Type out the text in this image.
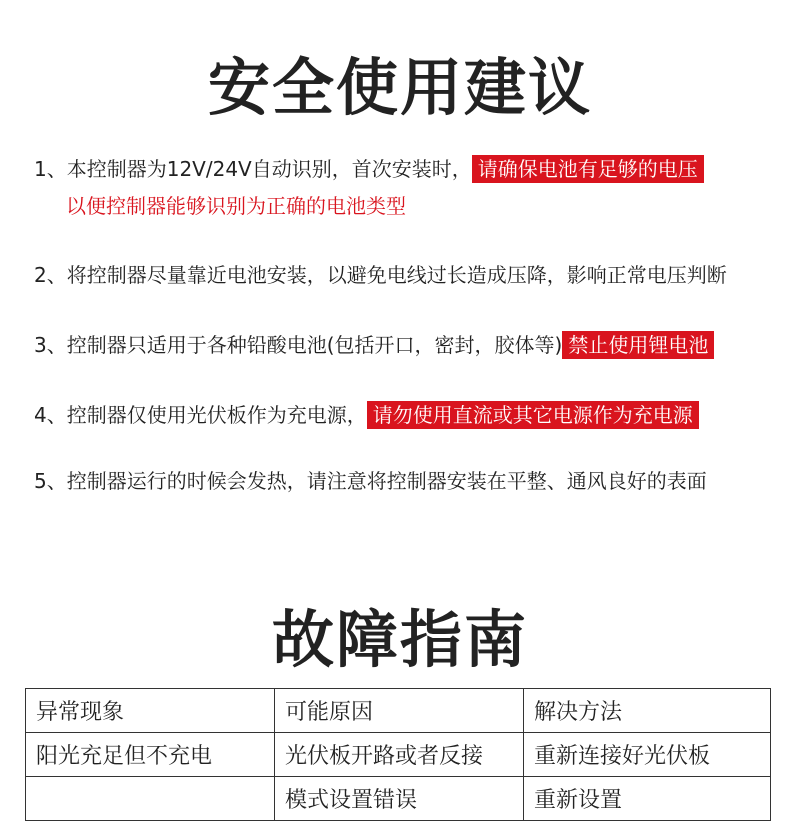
安全使用建议
1、本控制器为12V/24V自动识别，首次安装时， 请确保电池有足够的电压
以便控制器能够识别为正确的电池类型
2、将控制器尽量靠近电池安装，以避免电线过长造成压降，影响正常电压判断
3、控制器只适用于各种铅酸电池(包括开口，密封，胶体等) 禁止使用锂电池
4、控制器仅使用光伏板作为充电源， 请勿使用直流或其它电源作为充电源
5、控制器运行的时候会发热，请注意将控制器安装在平整、通风良好的表面
故障指南
异常现象	可能原因	解决方法
阳光充足但不充电	光伏板开路或者反接	重新连接好光伏板
	模式设置错误	重新设置
